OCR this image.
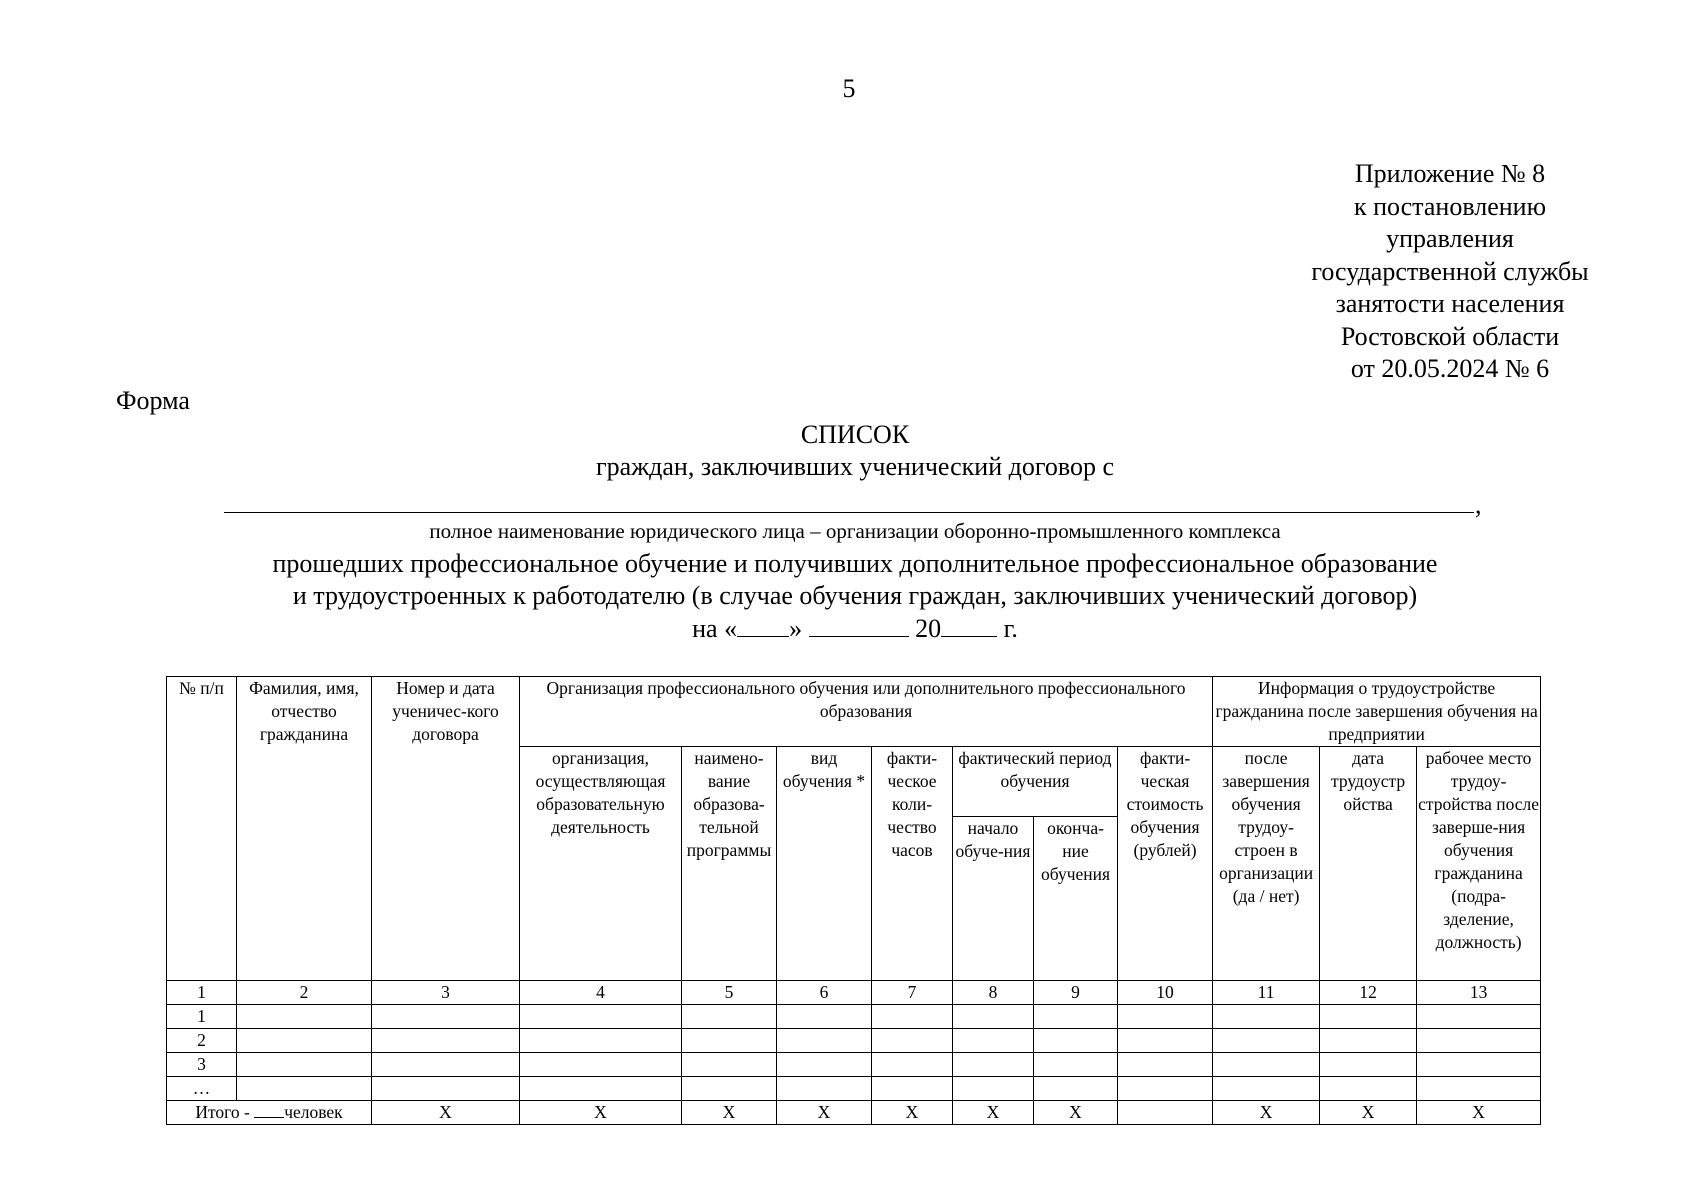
5
Приложение № 8
к постановлению
управления
государственной службы
занятости населения
Ростовской области
от 20.05.2024 № 6
Форма
СПИСОК
граждан, заключивших ученический договор с
,
полное наименование юридического лица – организации оборонно-промышленного комплекса
прошедших профессиональное обучение и получивших дополнительное профессиональное образование
и трудоустроенных к работодателю (в случае обучения граждан, заключивших ученический договор)
на « »	20 г.
№ п/п	Фамилия, имя, отчество гражданина	Номер и дата ученичес-кого договора	Организация профессионального обучения или дополнительного профессионального образования							Информация о трудоустройстве гражданина после завершения обучения на предприятии		
			организация, осуществляющая образовательную деятельность	наимено-вание образова-тельной программы	вид обучения *	факти-ческое коли-чество часов	фактический период обучения		факти-ческая стоимость обучения (рублей)	после завершения обучения трудоу-строен в организации (да / нет)	дата трудоустр ойства	рабочее место трудоу-стройства после заверше-ния обучения гражданина (подра-зделение, должность)
							начало обуче-ния	оконча-ние обучения				
1	2	3	4	5	6	7	8	9	10	11	12	13
1												
2												
3												
…												
Итого - человек		Х	Х	Х	Х	Х	Х	Х		Х	Х	Х
